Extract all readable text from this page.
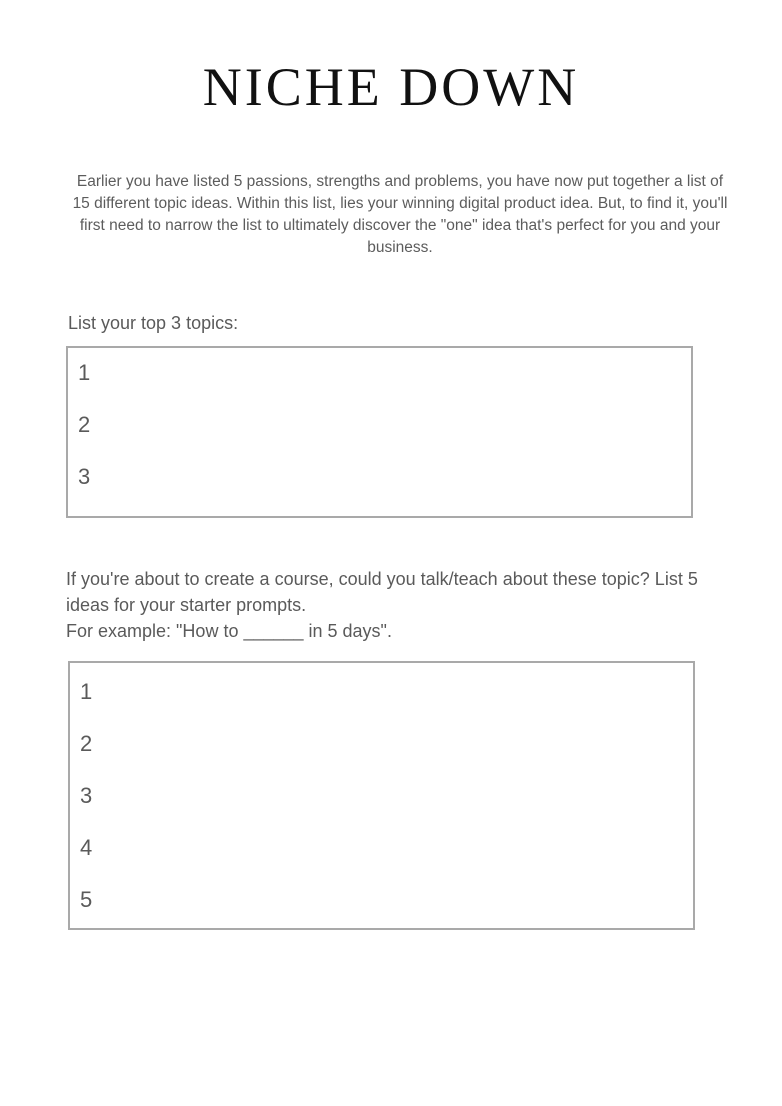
NICHE DOWN

Earlier you have listed 5 passions, strengths and problems, you have now put together a list of 15 different topic ideas. Within this list, lies your winning digital product idea. But, to find it, you'll first need to narrow the list to ultimately discover the "one" idea that's perfect for you and your business.

List your top 3 topics:

1
2
3
If you're about to create a course, could you talk/teach about these topic? List 5 ideas for your starter prompts.
For example: "How to ______ in 5 days".
1
2
3
4
5
